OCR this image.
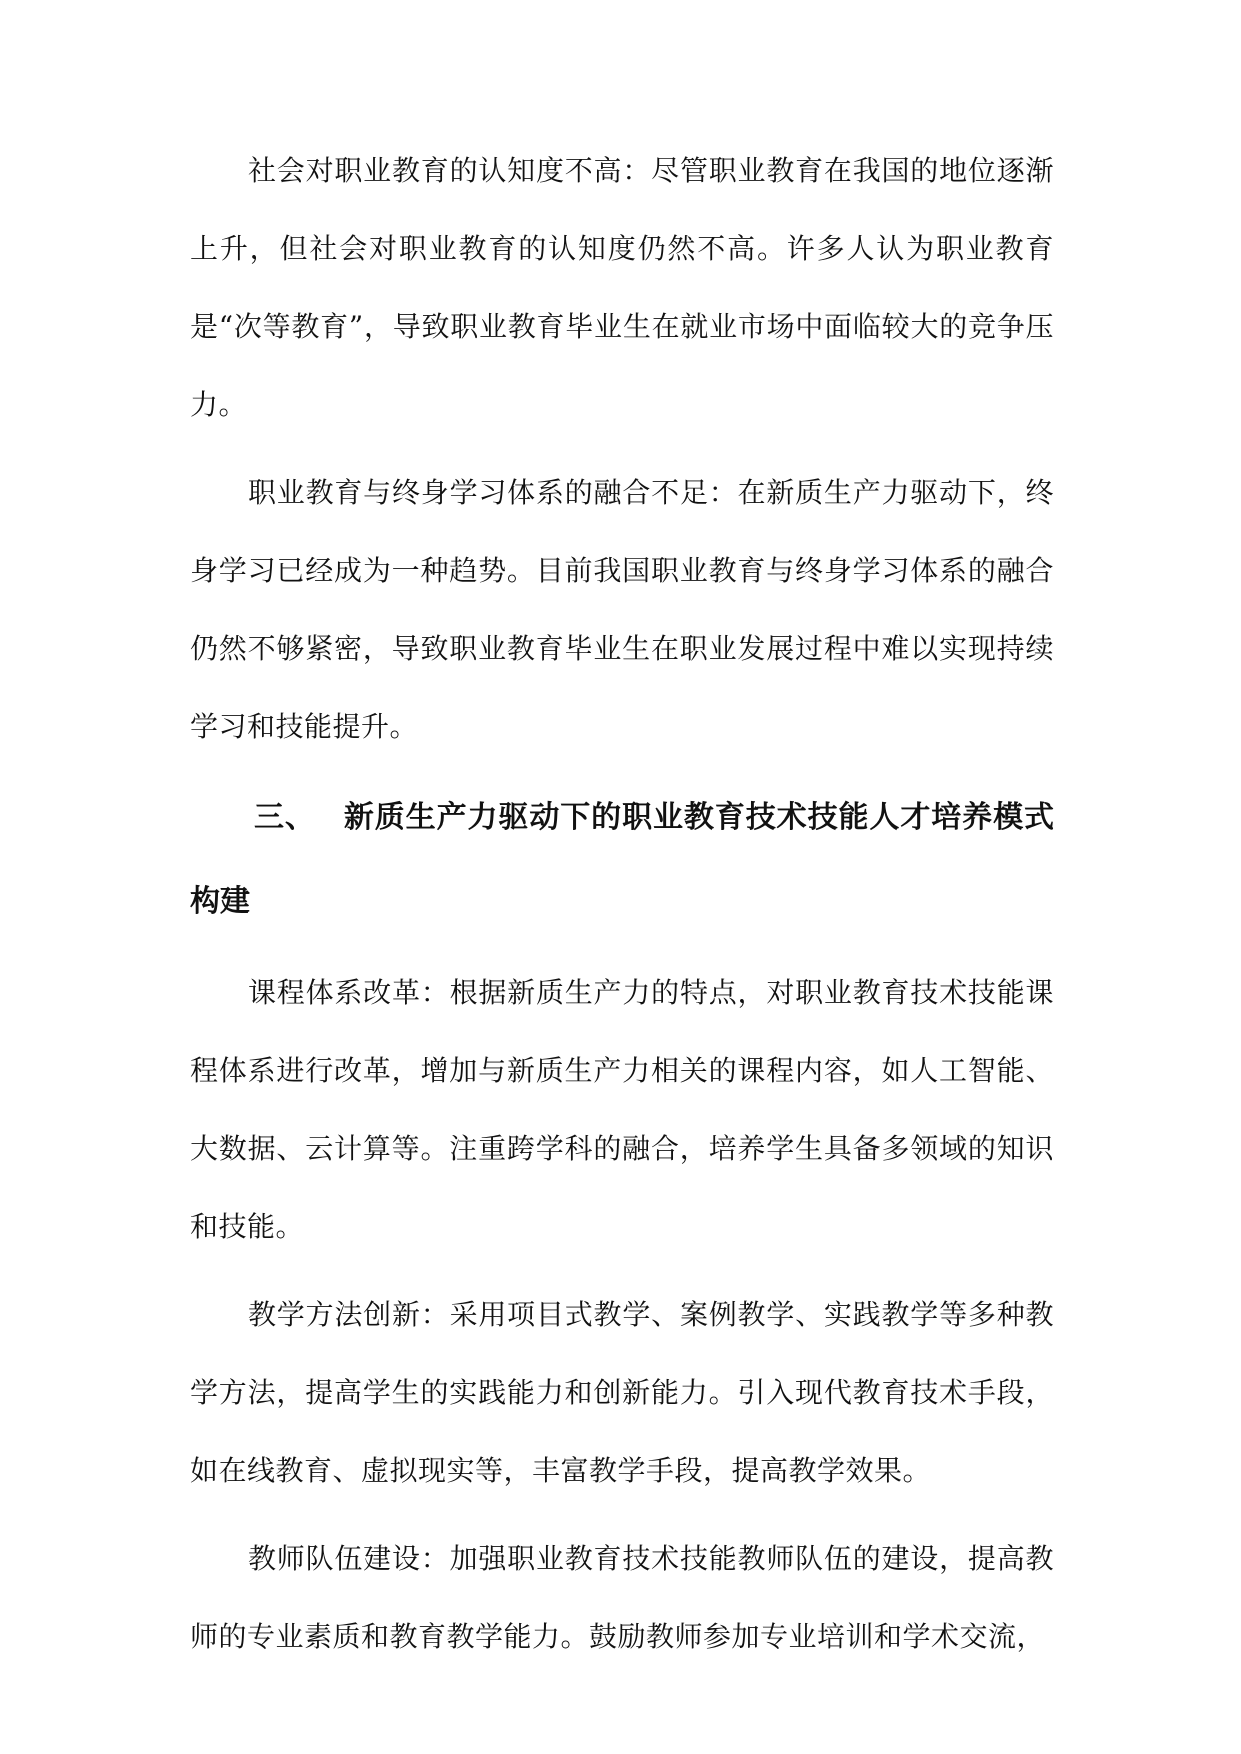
社会对职业教育的认知度不高：尽管职业教育在我国的地位逐渐上升，但社会对职业教育的认知度仍然不高。许多人认为职业教育是“次等教育”，导致职业教育毕业生在就业市场中面临较大的竞争压力。

职业教育与终身学习体系的融合不足：在新质生产力驱动下，终身学习已经成为一种趋势。目前我国职业教育与终身学习体系的融合仍然不够紧密，导致职业教育毕业生在职业发展过程中难以实现持续学习和技能提升。

三、 新质生产力驱动下的职业教育技术技能人才培养模式构建

课程体系改革：根据新质生产力的特点，对职业教育技术技能课程体系进行改革，增加与新质生产力相关的课程内容，如人工智能、大数据、云计算等。注重跨学科的融合，培养学生具备多领域的知识和技能。

教学方法创新：采用项目式教学、案例教学、实践教学等多种教学方法，提高学生的实践能力和创新能力。引入现代教育技术手段，如在线教育、虚拟现实等，丰富教学手段，提高教学效果。

教师队伍建设：加强职业教育技术技能教师队伍的建设，提高教师的专业素质和教育教学能力。鼓励教师参加专业培训和学术交流，
